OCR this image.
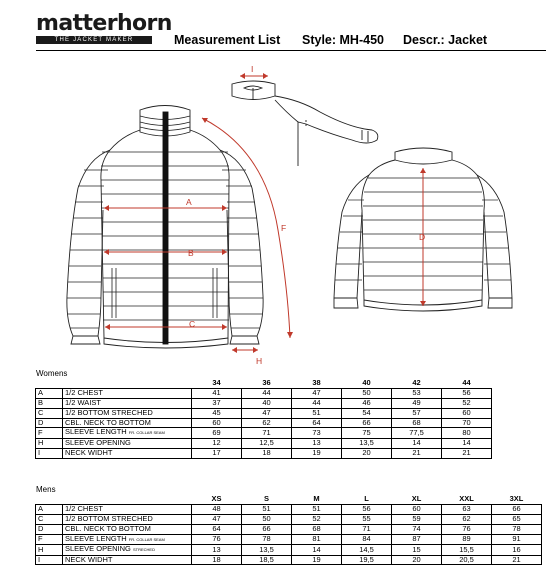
matterhorn
THE JACKET MAKER	Measurement List Style: MH-450 Descr.: Jacket
A
B
C
F
H
I
D
Womens
		34	36	38	40	42	44
A	1/2 CHEST	41	44	47	50	53	56
B	1/2 WAIST	37	40	44	46	49	52
C	1/2 BOTTOM STRECHED	45	47	51	54	57	60
D	CBL. NECK TO BOTTOM	60	62	64	66	68	70
F	SLEEVE LENGTH FR. COLLAR SEAM	69	71	73	75	77,5	80
H	SLEEVE OPENING	12	12,5	13	13,5	14	14
I	NECK WIDHT	17	18	19	20	21	21
Mens
		XS	S	M	L	XL	XXL	3XL
A	1/2 CHEST	48	51	51	56	60	63	66
C	1/2 BOTTOM STRECHED	47	50	52	55	59	62	65
D	CBL. NECK TO BOTTOM	64	66	68	71	74	76	78
F	SLEEVE LENGTH FR. COLLAR SEAM	76	78	81	84	87	89	91
H	SLEEVE OPENING STRECHED	13	13,5	14	14,5	15	15,5	16
I	NECK WIDHT	18	18,5	19	19,5	20	20,5	21
